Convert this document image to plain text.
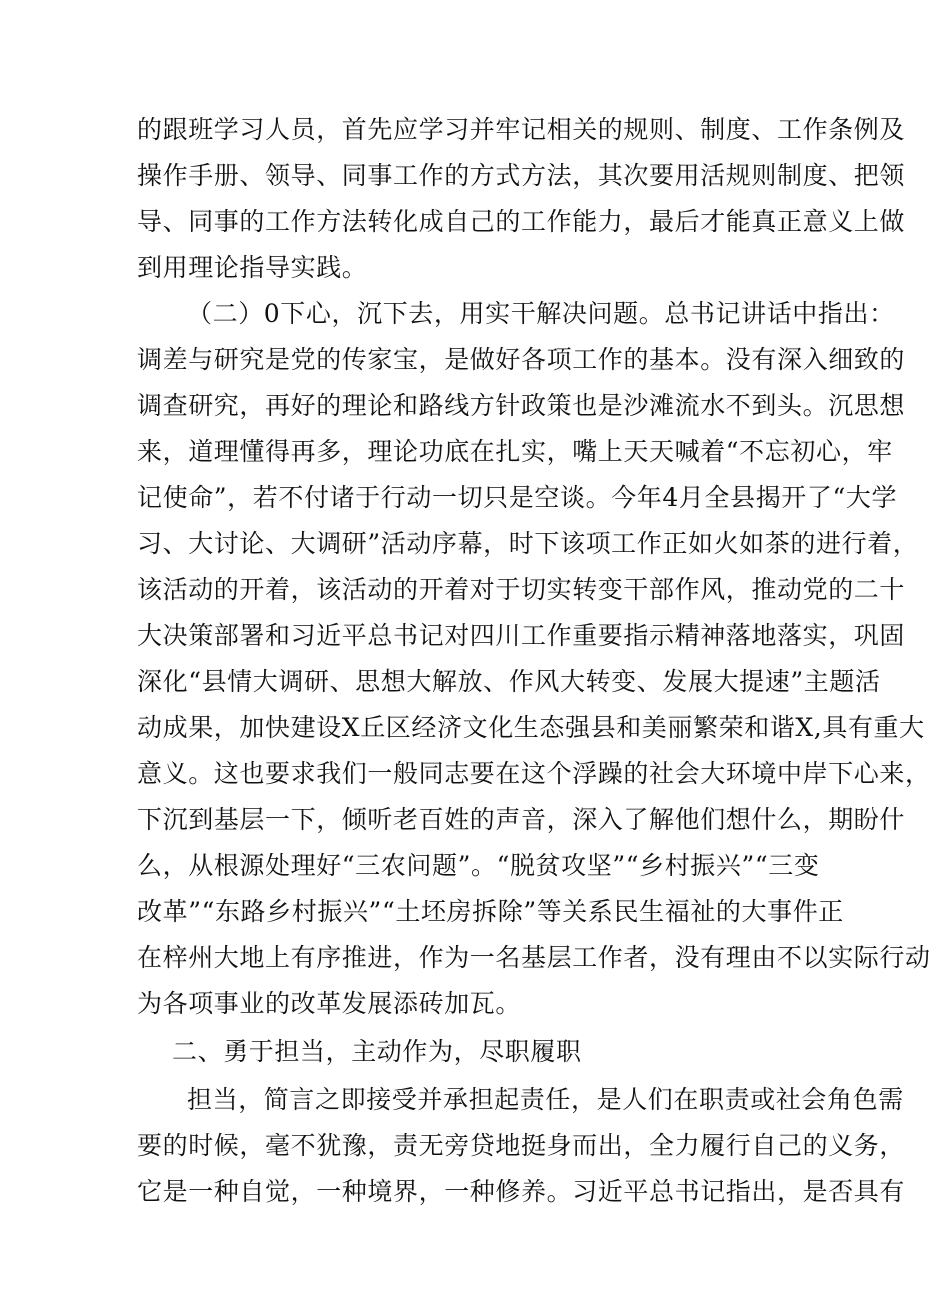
的跟班学习人员，首先应学习并牢记相关的规则、制度、工作条例及
操作手册、领导、同事工作的方式方法，其次要用活规则制度、把领
导、同事的工作方法转化成自己的工作能力，最后才能真正意义上做
到用理论指导实践。
（二）0下心，沉下去，用实干解决问题。总书记讲话中指出：
调差与研究是党的传家宝，是做好各项工作的基本。没有深入细致的
调查研究，再好的理论和路线方针政策也是沙滩流水不到头。沉思想
来，道理懂得再多，理论功底在扎实，嘴上天天喊着“不忘初心，牢
记使命”，若不付诸于行动一切只是空谈。今年4月全县揭开了“大学
习、大讨论、大调研”活动序幕，时下该项工作正如火如茶的进行着，
该活动的开着，该活动的开着对于切实转变干部作风，推动党的二十
大决策部署和习近平总书记对四川工作重要指示精神落地落实，巩固
深化“县情大调研、思想大解放、作风大转变、发展大提速”主题活
动成果，加快建设X丘区经济文化生态强县和美丽繁荣和谐X,具有重大
意义。这也要求我们一般同志要在这个浮躁的社会大环境中岸下心来，
下沉到基层一下，倾听老百姓的声音，深入了解他们想什么，期盼什
么，从根源处理好“三农问题”。“脱贫攻坚”“乡村振兴”“三变
改革”“东路乡村振兴”“土坯房拆除”等关系民生福祉的大事件正
在梓州大地上有序推进，作为一名基层工作者，没有理由不以实际行动
为各项事业的改革发展添砖加瓦。
二、勇于担当，主动作为，尽职履职
担当，简言之即接受并承担起责任，是人们在职责或社会角色需
要的时候，毫不犹豫，责无旁贷地挺身而出，全力履行自己的义务，
它是一种自觉，一种境界，一种修养。习近平总书记指出，是否具有
